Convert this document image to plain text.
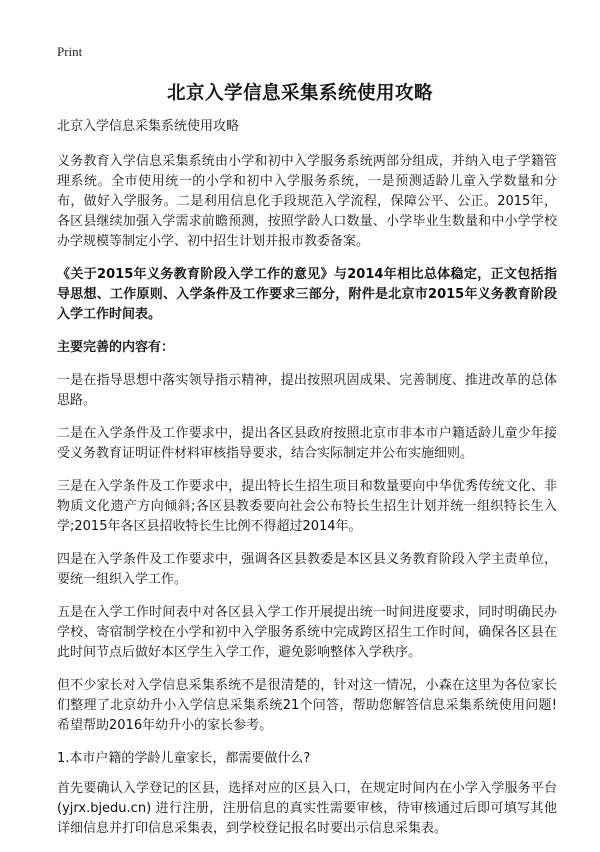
Print
北京入学信息采集系统使用攻略

北京入学信息采集系统使用攻略

义务教育入学信息采集系统由小学和初中入学服务系统两部分组成，并纳入电子学籍管理系统。全市使用统一的小学和初中入学服务系统，一是预测适龄儿童入学数量和分布，做好入学服务。二是利用信息化手段规范入学流程，保障公平、公正。2015年，各区县继续加强入学需求前瞻预测，按照学龄人口数量、小学毕业生数量和中小学学校办学规模等制定小学、初中招生计划并报市教委备案。

《关于2015年义务教育阶段入学工作的意见》与2014年相比总体稳定，正文包括指导思想、工作原则、入学条件及工作要求三部分，附件是北京市2015年义务教育阶段入学工作时间表。

主要完善的内容有：

一是在指导思想中落实领导指示精神，提出按照巩固成果、完善制度、推进改革的总体思路。

二是在入学条件及工作要求中，提出各区县政府按照北京市非本市户籍适龄儿童少年接受义务教育证明证件材料审核指导要求，结合实际制定并公布实施细则。

三是在入学条件及工作要求中，提出特长生招生项目和数量要向中华优秀传统文化、非物质文化遗产方向倾斜;各区县教委要向社会公布特长生招生计划并统一组织特长生入学;2015年各区县招收特长生比例不得超过2014年。

四是在入学条件及工作要求中，强调各区县教委是本区县义务教育阶段入学主责单位，要统一组织入学工作。

五是在入学工作时间表中对各区县入学工作开展提出统一时间进度要求，同时明确民办学校、寄宿制学校在小学和初中入学服务系统中完成跨区招生工作时间，确保各区县在此时间节点后做好本区学生入学工作，避免影响整体入学秩序。

但不少家长对入学信息采集系统不是很清楚的，针对这一情况，小森在这里为各位家长们整理了北京幼升小入学信息采集系统21个问答，帮助您解答信息采集系统使用问题!希望帮助2016年幼升小的家长参考。

1.本市户籍的学龄儿童家长，都需要做什么?

首先要确认入学登记的区县，选择对应的区县入口，在规定时间内在小学入学服务平台(yjrx.bjedu.cn) 进行注册，注册信息的真实性需要审核，待审核通过后即可填写其他详细信息并打印信息采集表，到学校登记报名时要出示信息采集表。
